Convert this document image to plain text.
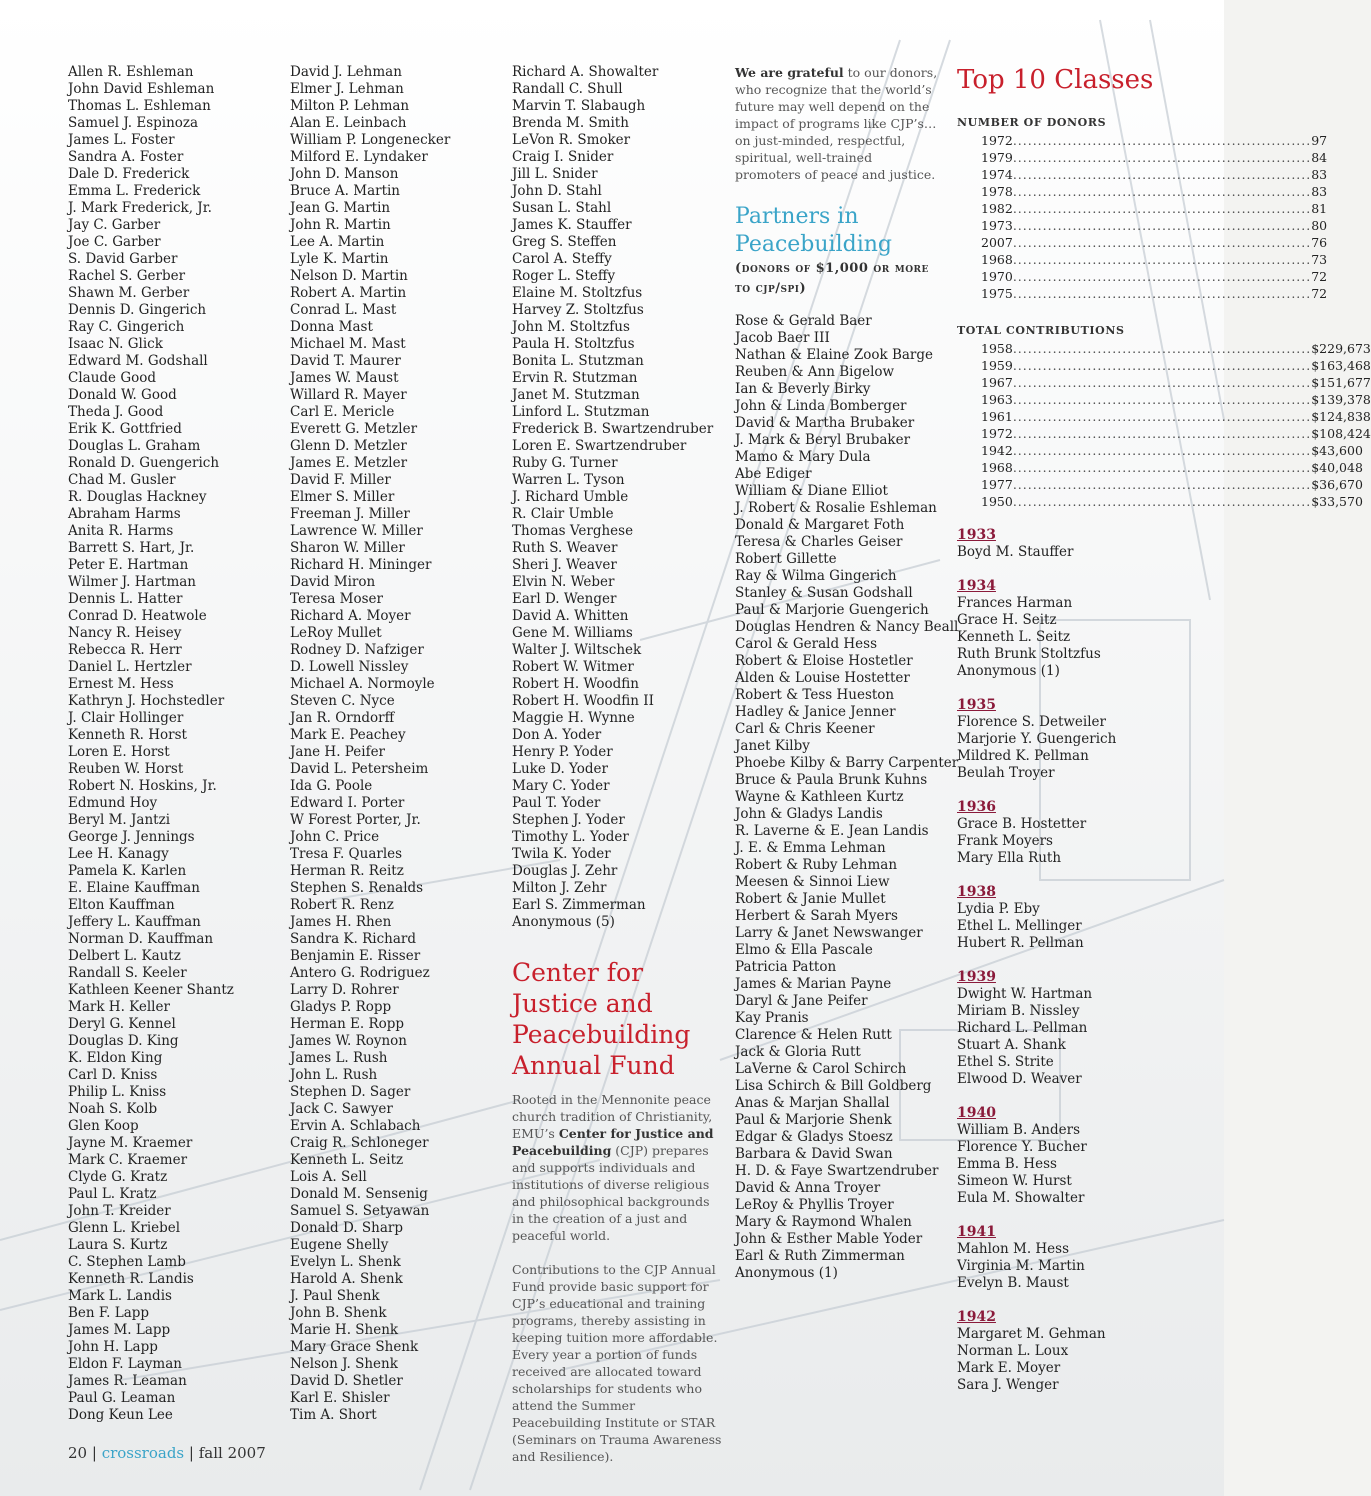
Allen R. Eshleman
John David Eshleman
Thomas L. Eshleman
Samuel J. Espinoza
James L. Foster
Sandra A. Foster
Dale D. Frederick
Emma L. Frederick
J. Mark Frederick, Jr.
Jay C. Garber
Joe C. Garber
S. David Garber
Rachel S. Gerber
Shawn M. Gerber
Dennis D. Gingerich
Ray C. Gingerich
Isaac N. Glick
Edward M. Godshall
Claude Good
Donald W. Good
Theda J. Good
Erik K. Gottfried
Douglas L. Graham
Ronald D. Guengerich
Chad M. Gusler
R. Douglas Hackney
Abraham Harms
Anita R. Harms
Barrett S. Hart, Jr.
Peter E. Hartman
Wilmer J. Hartman
Dennis L. Hatter
Conrad D. Heatwole
Nancy R. Heisey
Rebecca R. Herr
Daniel L. Hertzler
Ernest M. Hess
Kathryn J. Hochstedler
J. Clair Hollinger
Kenneth R. Horst
Loren E. Horst
Reuben W. Horst
Robert N. Hoskins, Jr.
Edmund Hoy
Beryl M. Jantzi
George J. Jennings
Lee H. Kanagy
Pamela K. Karlen
E. Elaine Kauffman
Elton Kauffman
Jeffery L. Kauffman
Norman D. Kauffman
Delbert L. Kautz
Randall S. Keeler
Kathleen Keener Shantz
Mark H. Keller
Deryl G. Kennel
Douglas D. King
K. Eldon King
Carl D. Kniss
Philip L. Kniss
Noah S. Kolb
Glen Koop
Jayne M. Kraemer
Mark C. Kraemer
Clyde G. Kratz
Paul L. Kratz
John T. Kreider
Glenn L. Kriebel
Laura S. Kurtz
C. Stephen Lamb
Kenneth R. Landis
Mark L. Landis
Ben F. Lapp
James M. Lapp
John H. Lapp
Eldon F. Layman
James R. Leaman
Paul G. Leaman
Dong Keun Lee
David J. Lehman
Elmer J. Lehman
Milton P. Lehman
Alan E. Leinbach
William P. Longenecker
Milford E. Lyndaker
John D. Manson
Bruce A. Martin
Jean G. Martin
John R. Martin
Lee A. Martin
Lyle K. Martin
Nelson D. Martin
Robert A. Martin
Conrad L. Mast
Donna Mast
Michael M. Mast
David T. Maurer
James W. Maust
Willard R. Mayer
Carl E. Mericle
Everett G. Metzler
Glenn D. Metzler
James E. Metzler
David F. Miller
Elmer S. Miller
Freeman J. Miller
Lawrence W. Miller
Sharon W. Miller
Richard H. Mininger
David Miron
Teresa Moser
Richard A. Moyer
LeRoy Mullet
Rodney D. Nafziger
D. Lowell Nissley
Michael A. Normoyle
Steven C. Nyce
Jan R. Orndorff
Mark E. Peachey
Jane H. Peifer
David L. Petersheim
Ida G. Poole
Edward I. Porter
W Forest Porter, Jr.
John C. Price
Tresa F. Quarles
Herman R. Reitz
Stephen S. Renalds
Robert R. Renz
James H. Rhen
Sandra K. Richard
Benjamin E. Risser
Antero G. Rodriguez
Larry D. Rohrer
Gladys P. Ropp
Herman E. Ropp
James W. Roynon
James L. Rush
John L. Rush
Stephen D. Sager
Jack C. Sawyer
Ervin A. Schlabach
Craig R. Schloneger
Kenneth L. Seitz
Lois A. Sell
Donald M. Sensenig
Samuel S. Setyawan
Donald D. Sharp
Eugene Shelly
Evelyn L. Shenk
Harold A. Shenk
J. Paul Shenk
John B. Shenk
Marie H. Shenk
Mary Grace Shenk
Nelson J. Shenk
David D. Shetler
Karl E. Shisler
Tim A. Short
Richard A. Showalter
Randall C. Shull
Marvin T. Slabaugh
Brenda M. Smith
LeVon R. Smoker
Craig I. Snider
Jill L. Snider
John D. Stahl
Susan L. Stahl
James K. Stauffer
Greg S. Steffen
Carol A. Steffy
Roger L. Steffy
Elaine M. Stoltzfus
Harvey Z. Stoltzfus
John M. Stoltzfus
Paula H. Stoltzfus
Bonita L. Stutzman
Ervin R. Stutzman
Janet M. Stutzman
Linford L. Stutzman
Frederick B. Swartzendruber
Loren E. Swartzendruber
Ruby G. Turner
Warren L. Tyson
J. Richard Umble
R. Clair Umble
Thomas Verghese
Ruth S. Weaver
Sheri J. Weaver
Elvin N. Weber
Earl D. Wenger
David A. Whitten
Gene M. Williams
Walter J. Wiltschek
Robert W. Witmer
Robert H. Woodfin
Robert H. Woodfin II
Maggie H. Wynne
Don A. Yoder
Henry P. Yoder
Luke D. Yoder
Mary C. Yoder
Paul T. Yoder
Stephen J. Yoder
Timothy L. Yoder
Twila K. Yoder
Douglas J. Zehr
Milton J. Zehr
Earl S. Zimmerman
Anonymous (5)
Center for Justice and Peacebuilding Annual Fund
Rooted in the Mennonite peace church tradition of Christianity, EMU’s Center for Justice and Peacebuilding (CJP) prepares and supports individuals and institutions of diverse religious and philosophical backgrounds in the creation of a just and peaceful world.
Contributions to the CJP Annual Fund provide basic support for CJP’s educational and training programs, thereby assisting in keeping tuition more affordable. Every year a portion of funds received are allocated toward scholarships for students who attend the Summer Peacebuilding Institute or STAR (Seminars on Trauma Awareness and Resilience).
We are grateful to our donors, who recognize that the world’s future may well depend on the impact of programs like CJP’s…on just-minded, respectful, spiritual, well-trained promoters of peace and justice.
Partners in Peacebuilding
(donors of $1,000 or more to cjp/spi)
Rose & Gerald Baer
Jacob Baer III
Nathan & Elaine Zook Barge
Reuben & Ann Bigelow
Ian & Beverly Birky
John & Linda Bomberger
David & Martha Brubaker
J. Mark & Beryl Brubaker
Mamo & Mary Dula
Abe Ediger
William & Diane Elliot
J. Robert & Rosalie Eshleman
Donald & Margaret Foth
Teresa & Charles Geiser
Robert Gillette
Ray & Wilma Gingerich
Stanley & Susan Godshall
Paul & Marjorie Guengerich
Douglas Hendren & Nancy Beall
Carol & Gerald Hess
Robert & Eloise Hostetler
Alden & Louise Hostetter
Robert & Tess Hueston
Hadley & Janice Jenner
Carl & Chris Keener
Janet Kilby
Phoebe Kilby & Barry Carpenter
Bruce & Paula Brunk Kuhns
Wayne & Kathleen Kurtz
John & Gladys Landis
R. Laverne & E. Jean Landis
J. E. & Emma Lehman
Robert & Ruby Lehman
Meesen & Sinnoi Liew
Robert & Janie Mullet
Herbert & Sarah Myers
Larry & Janet Newswanger
Elmo & Ella Pascale
Patricia Patton
James & Marian Payne
Daryl & Jane Peifer
Kay Pranis
Clarence & Helen Rutt
Jack & Gloria Rutt
LaVerne & Carol Schirch
Lisa Schirch & Bill Goldberg
Anas & Marjan Shallal
Paul & Marjorie Shenk
Edgar & Gladys Stoesz
Barbara & David Swan
H. D. & Faye Swartzendruber
David & Anna Troyer
LeRoy & Phyllis Troyer
Mary & Raymond Whalen
John & Esther Mable Yoder
Earl & Ruth Zimmerman
Anonymous (1)
Top 10 Classes
NUMBER OF DONORS
1972 ............................................................ 97
1979 ............................................................ 84
1974 ............................................................ 83
1978 ............................................................ 83
1982 ............................................................ 81
1973 ............................................................ 80
2007 ............................................................ 76
1968 ............................................................ 73
1970 ............................................................ 72
1975 ............................................................ 72
TOTAL CONTRIBUTIONS
1958 ............................................................ $229,673
1959 ............................................................ $163,468
1967 ............................................................ $151,677
1963 ............................................................ $139,378
1961 ............................................................ $124,838
1972 ............................................................ $108,424
1942 ............................................................ $43,600
1968 ............................................................ $40,048
1977 ............................................................ $36,670
1950 ............................................................ $33,570
1933
Boyd M. Stauffer
1934
Frances Harman
Grace H. Seitz
Kenneth L. Seitz
Ruth Brunk Stoltzfus
Anonymous (1)
1935
Florence S. Detweiler
Marjorie Y. Guengerich
Mildred K. Pellman
Beulah Troyer
1936
Grace B. Hostetter
Frank Moyers
Mary Ella Ruth
1938
Lydia P. Eby
Ethel L. Mellinger
Hubert R. Pellman
1939
Dwight W. Hartman
Miriam B. Nissley
Richard L. Pellman
Stuart A. Shank
Ethel S. Strite
Elwood D. Weaver
1940
William B. Anders
Florence Y. Bucher
Emma B. Hess
Simeon W. Hurst
Eula M. Showalter
1941
Mahlon M. Hess
Virginia M. Martin
Evelyn B. Maust
1942
Margaret M. Gehman
Norman L. Loux
Mark E. Moyer
Sara J. Wenger
20 | crossroads | fall 2007
